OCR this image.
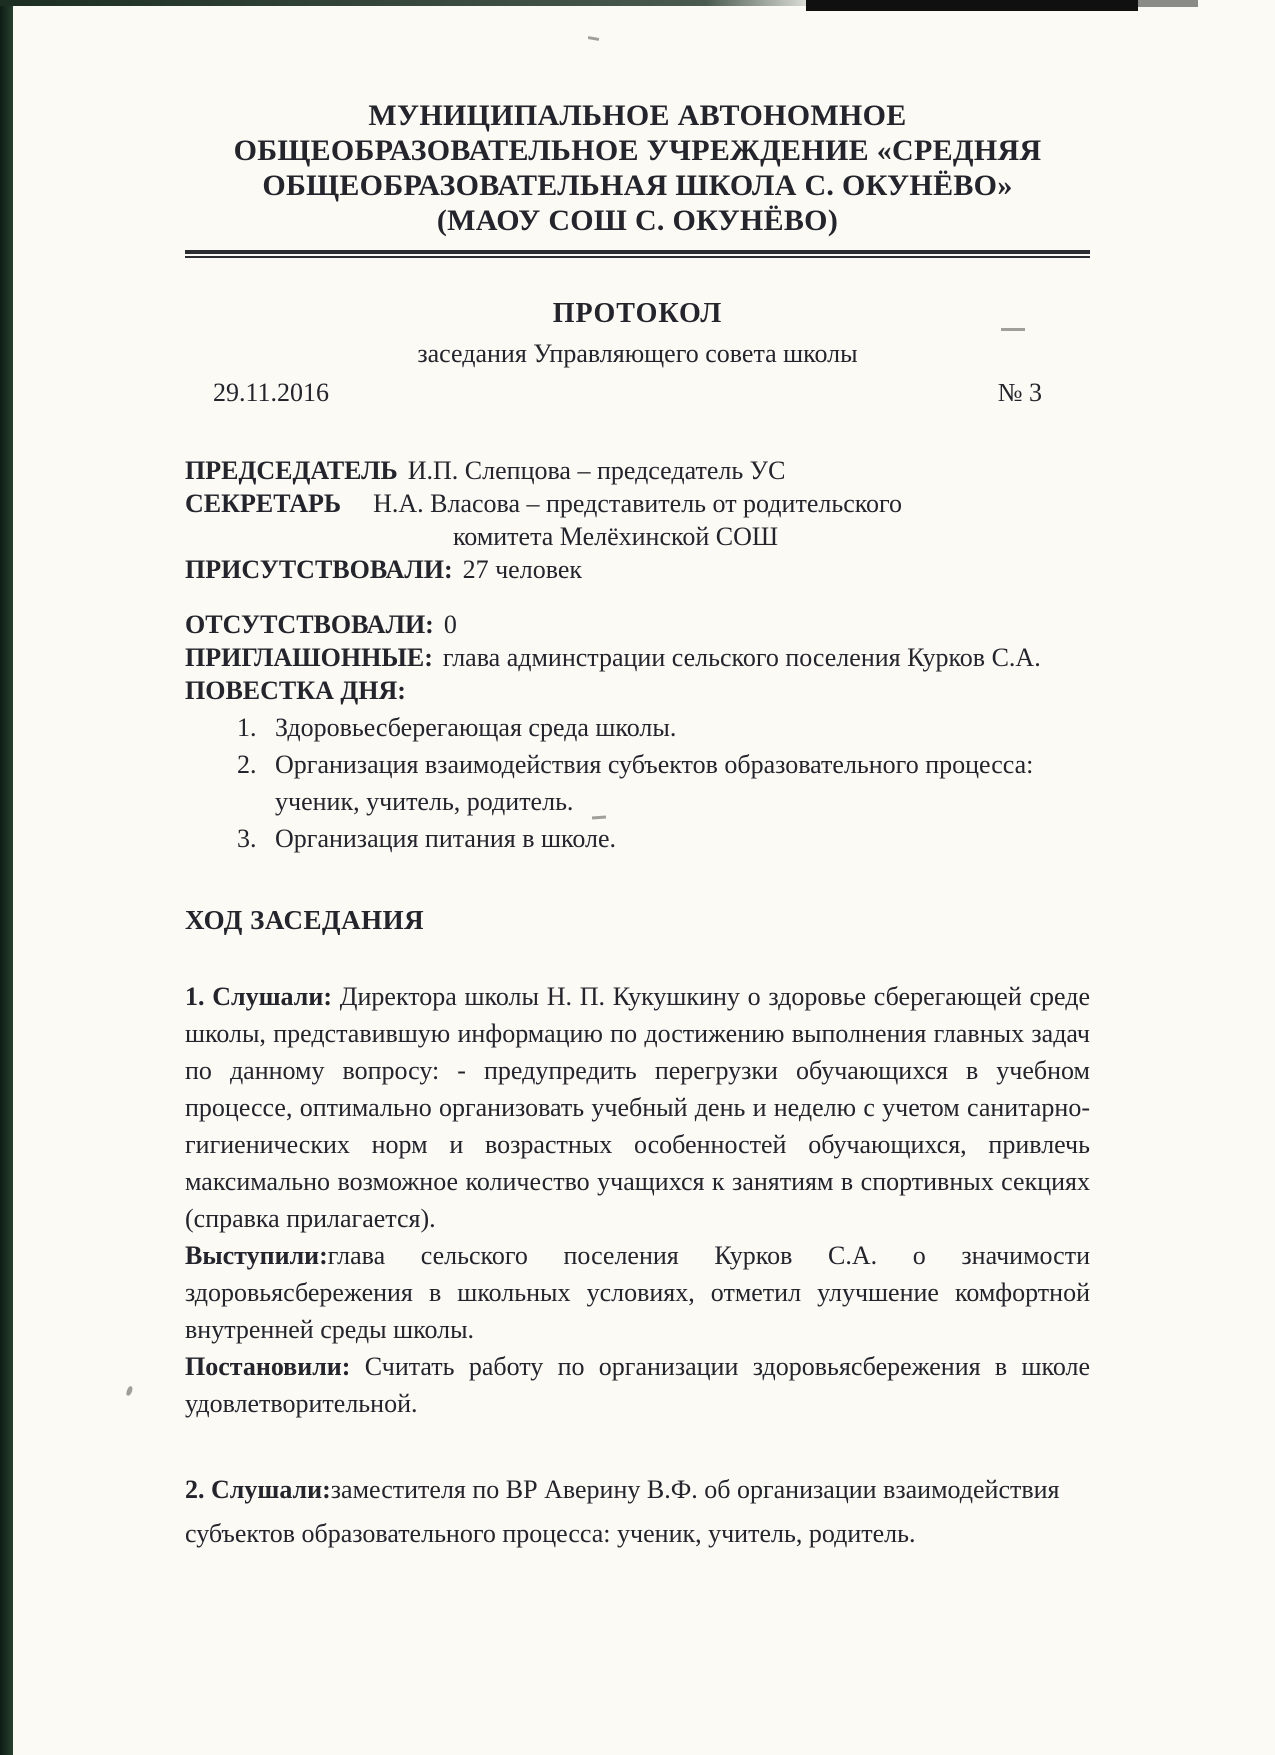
МУНИЦИПАЛЬНОЕ АВТОНОМНОЕ
ОБЩЕОБРАЗОВАТЕЛЬНОЕ УЧРЕЖДЕНИЕ «СРЕДНЯЯ
ОБЩЕОБРАЗОВАТЕЛЬНАЯ ШКОЛА С. ОКУНЁВО»
(МАОУ СОШ С. ОКУНЁВО)
ПРОТОКОЛ
заседания Управляющего совета школы
29.11.2016	№ 3
ПРЕДСЕДАТЕЛЬ И.П. Слепцова – председатель УС
СЕКРЕТАРЬ Н.А. Власова – представитель от родительского
комитета Мелёхинской СОШ
ПРИСУТСТВОВАЛИ: 27 человек
ОТСУТСТВОВАЛИ: 0
ПРИГЛАШОННЫЕ: глава админстрации сельского поселения Курков С.А.
ПОВЕСТКА ДНЯ:
1. Здоровьесберегающая среда школы.
2. Организация взаимодействия субъектов образовательного процесса: ученик, учитель, родитель.
3. Организация питания в школе.
ХОД ЗАСЕДАНИЯ

1. Слушали: Директора школы Н. П. Кукушкину о здоровье сберегающей среде школы, представившую информацию по достижению выполнения главных задач по данному вопросу: - предупредить перегрузки обучающихся в учебном процессе, оптимально организовать учебный день и неделю с учетом санитарно-гигиенических норм и возрастных особенностей обучающихся, привлечь максимально возможное количество учащихся к занятиям в спортивных секциях (справка прилагается).

Выступили:глава сельского поселения Курков С.А. о значимости здоровьясбережения в школьных условиях, отметил улучшение комфортной внутренней среды школы.

Постановили: Считать работу по организации здоровьясбережения в школе удовлетворительной.

2. Слушали:заместителя по ВР Аверину В.Ф. об организации взаимодействия субъектов образовательного процесса: ученик, учитель, родитель.
